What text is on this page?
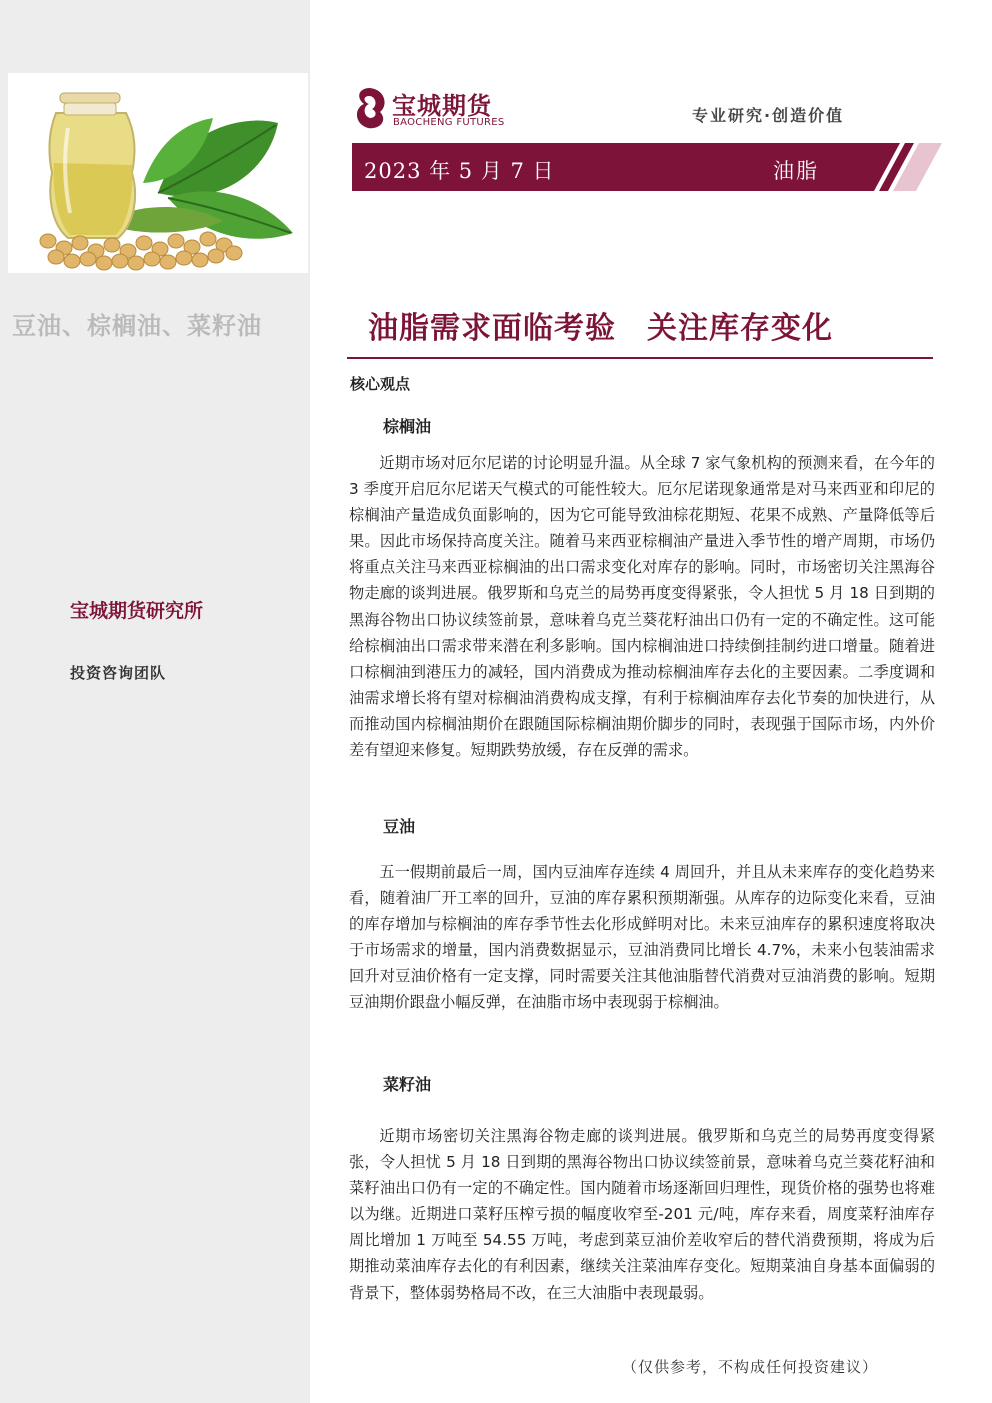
豆油、棕榈油、菜籽油
宝城期货研究所
投资咨询团队
宝城期货
BAOCHENG FUTURES	专业研究·创造价值
2023 年 5 月 7 日	油脂
油脂需求面临考验　关注库存变化
核心观点
棕榈油

近期市场对厄尔尼诺的讨论明显升温。从全球 7 家气象机构的预测来看，在今年的 3 季度开启厄尔尼诺天气模式的可能性较大。厄尔尼诺现象通常是对马来西亚和印尼的棕榈油产量造成负面影响的，因为它可能导致油棕花期短、花果不成熟、产量降低等后果。因此市场保持高度关注。随着马来西亚棕榈油产量进入季节性的增产周期，市场仍将重点关注马来西亚棕榈油的出口需求变化对库存的影响。同时，市场密切关注黑海谷物走廊的谈判进展。俄罗斯和乌克兰的局势再度变得紧张，令人担忧 5 月 18 日到期的黑海谷物出口协议续签前景，意味着乌克兰葵花籽油出口仍有一定的不确定性。这可能给棕榈油出口需求带来潜在利多影响。国内棕榈油进口持续倒挂制约进口增量。随着进口棕榈油到港压力的减轻，国内消费成为推动棕榈油库存去化的主要因素。二季度调和油需求增长将有望对棕榈油消费构成支撑，有利于棕榈油库存去化节奏的加快进行，从而推动国内棕榈油期价在跟随国际棕榈油期价脚步的同时，表现强于国际市场，内外价差有望迎来修复。短期跌势放缓，存在反弹的需求。

豆油

五一假期前最后一周，国内豆油库存连续 4 周回升，并且从未来库存的变化趋势来看，随着油厂开工率的回升，豆油的库存累积预期渐强。从库存的边际变化来看，豆油的库存增加与棕榈油的库存季节性去化形成鲜明对比。未来豆油库存的累积速度将取决于市场需求的增量，国内消费数据显示，豆油消费同比增长 4.7%，未来小包装油需求回升对豆油价格有一定支撑，同时需要关注其他油脂替代消费对豆油消费的影响。短期豆油期价跟盘小幅反弹，在油脂市场中表现弱于棕榈油。

菜籽油

近期市场密切关注黑海谷物走廊的谈判进展。俄罗斯和乌克兰的局势再度变得紧张，令人担忧 5 月 18 日到期的黑海谷物出口协议续签前景，意味着乌克兰葵花籽油和菜籽油出口仍有一定的不确定性。国内随着市场逐渐回归理性，现货价格的强势也将难以为继。近期进口菜籽压榨亏损的幅度收窄至-201 元/吨，库存来看，周度菜籽油库存周比增加 1 万吨至 54.55 万吨，考虑到菜豆油价差收窄后的替代消费预期，将成为后期推动菜油库存去化的有利因素，继续关注菜油库存变化。短期菜油自身基本面偏弱的背景下，整体弱势格局不改，在三大油脂中表现最弱。

（仅供参考，不构成任何投资建议）
